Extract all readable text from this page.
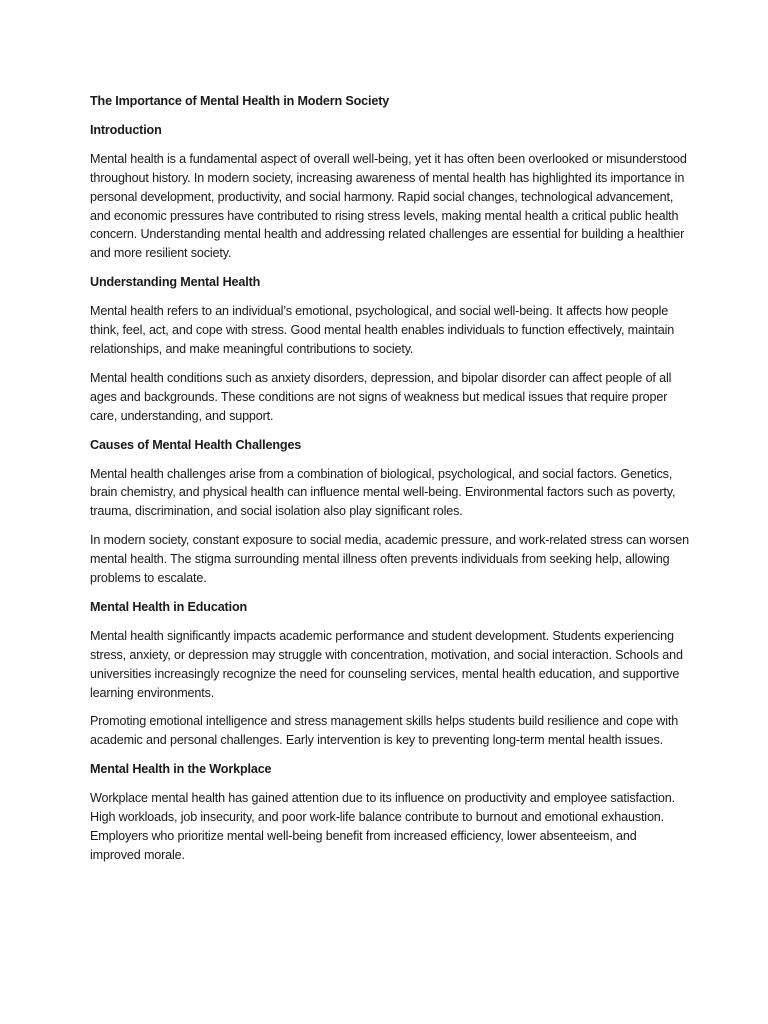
The Importance of Mental Health in Modern Society

Introduction

Mental health is a fundamental aspect of overall well-being, yet it has often been overlooked or misunderstood throughout history. In modern society, increasing awareness of mental health has highlighted its importance in personal development, productivity, and social harmony. Rapid social changes, technological advancement, and economic pressures have contributed to rising stress levels, making mental health a critical public health concern. Understanding mental health and addressing related challenges are essential for building a healthier and more resilient society.

Understanding Mental Health

Mental health refers to an individual’s emotional, psychological, and social well-being. It affects how people think, feel, act, and cope with stress. Good mental health enables individuals to function effectively, maintain relationships, and make meaningful contributions to society.

Mental health conditions such as anxiety disorders, depression, and bipolar disorder can affect people of all ages and backgrounds. These conditions are not signs of weakness but medical issues that require proper care, understanding, and support.

Causes of Mental Health Challenges

Mental health challenges arise from a combination of biological, psychological, and social factors. Genetics, brain chemistry, and physical health can influence mental well-being. Environmental factors such as poverty, trauma, discrimination, and social isolation also play significant roles.

In modern society, constant exposure to social media, academic pressure, and work-related stress can worsen mental health. The stigma surrounding mental illness often prevents individuals from seeking help, allowing problems to escalate.

Mental Health in Education

Mental health significantly impacts academic performance and student development. Students experiencing stress, anxiety, or depression may struggle with concentration, motivation, and social interaction. Schools and universities increasingly recognize the need for counseling services, mental health education, and supportive learning environments.

Promoting emotional intelligence and stress management skills helps students build resilience and cope with academic and personal challenges. Early intervention is key to preventing long-term mental health issues.

Mental Health in the Workplace

Workplace mental health has gained attention due to its influence on productivity and employee satisfaction. High workloads, job insecurity, and poor work-life balance contribute to burnout and emotional exhaustion. Employers who prioritize mental well-being benefit from increased efficiency, lower absenteeism, and improved morale.
